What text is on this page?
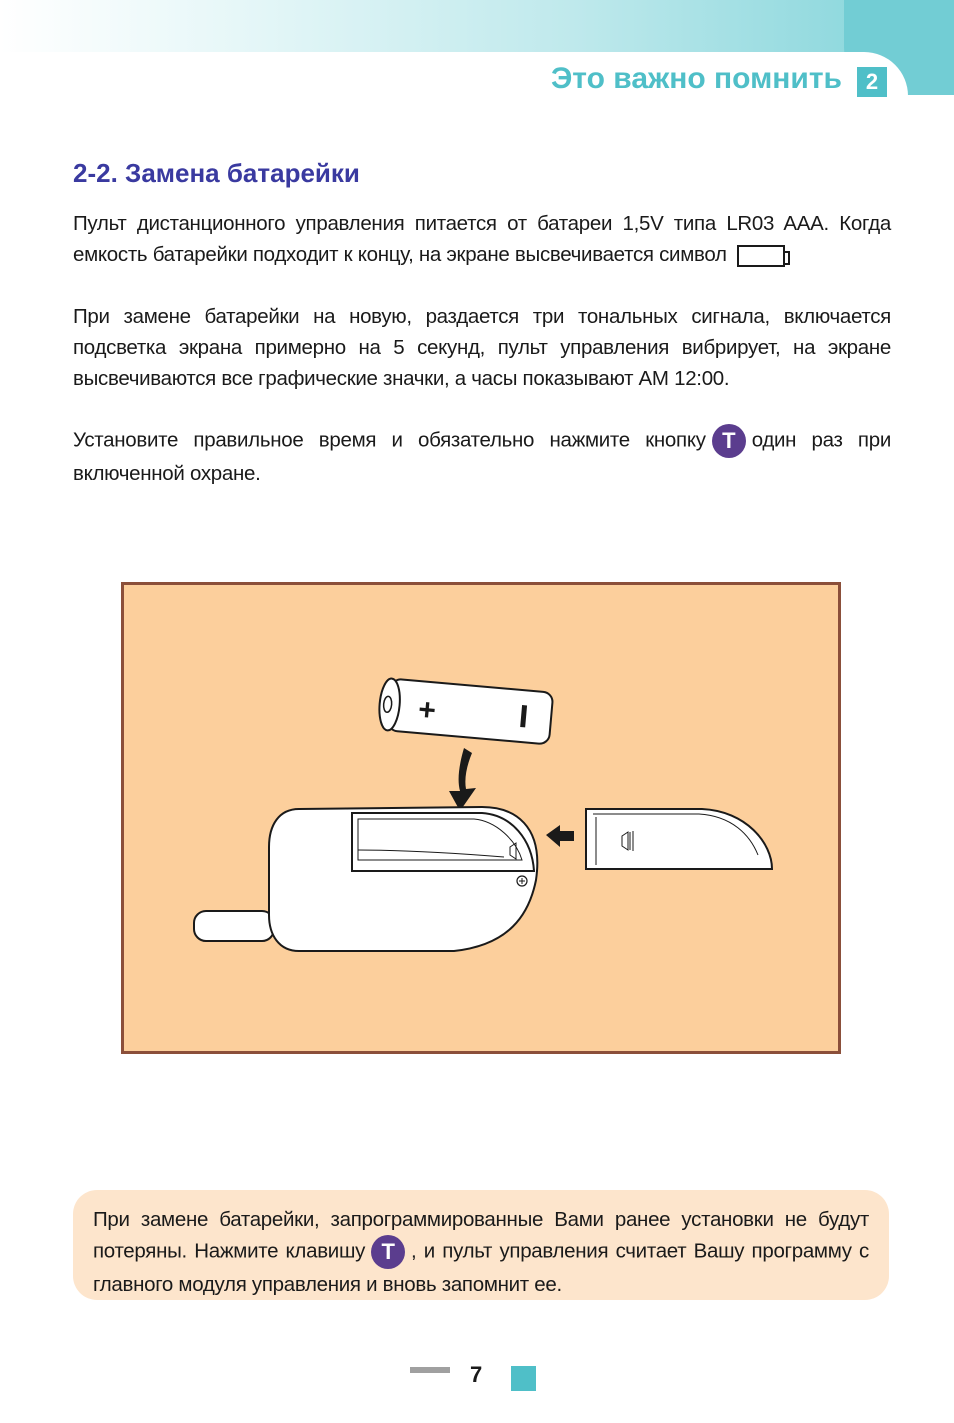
Это важно помнить	2
2-2. Замена батарейки
Пульт дистанционного управления питается от батареи 1,5V типа LR03 AAA. Когда емкость батарейки подходит к концу, на экране высвечивается символ
При замене батарейки на новую, раздается три тональных сигнала, включается подсветка экрана примерно на 5 секунд, пульт управления вибрирует, на экране высвечиваются все графические значки, а часы показывают AM 12:00.
Установите правильное время и обязательно нажмите кнопку T один раз при включенной охране.
+
При замене батарейки, запрограммированные Вами ранее установки не будут потеряны. Нажмите клавишу T , и пульт управления считает Вашу программу с главного модуля управления и вновь запомнит ее.
7
